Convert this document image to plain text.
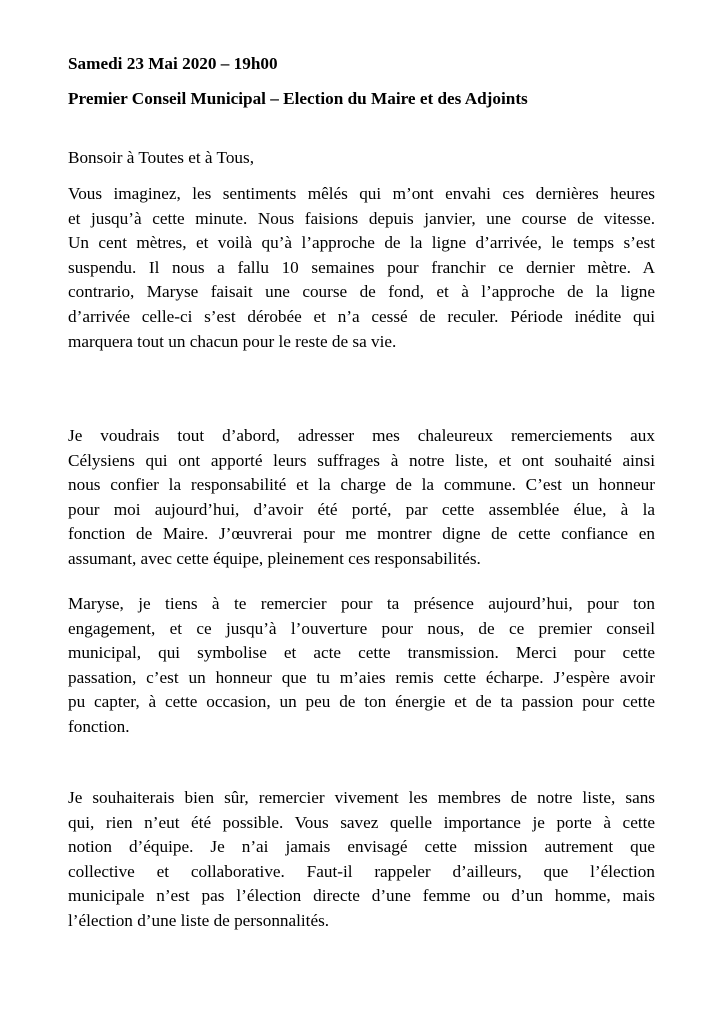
Samedi 23 Mai 2020 – 19h00
Premier Conseil Municipal – Election du Maire et des Adjoints

Bonsoir à Toutes et à Tous,

Vous imaginez, les sentiments mêlés qui m’ont envahi ces dernières heures
et jusqu’à cette minute. Nous faisions depuis janvier, une course de vitesse.
Un cent mètres, et voilà qu’à l’approche de la ligne d’arrivée, le temps s’est
suspendu. Il nous a fallu 10 semaines pour franchir ce dernier mètre. A
contrario, Maryse faisait une course de fond, et à l’approche de la ligne
d’arrivée celle-ci s’est dérobée et n’a cessé de reculer. Période inédite qui
marquera tout un chacun pour le reste de sa vie.
Je voudrais tout d’abord, adresser mes chaleureux remerciements aux
Célysiens qui ont apporté leurs suffrages à notre liste, et ont souhaité ainsi
nous confier la responsabilité et la charge de la commune. C’est un honneur
pour moi aujourd’hui, d’avoir été porté, par cette assemblée élue, à la
fonction de Maire. J’œuvrerai pour me montrer digne de cette confiance en
assumant, avec cette équipe, pleinement ces responsabilités.
Maryse, je tiens à te remercier pour ta présence aujourd’hui, pour ton
engagement, et ce jusqu’à l’ouverture pour nous, de ce premier conseil
municipal, qui symbolise et acte cette transmission. Merci pour cette
passation, c’est un honneur que tu m’aies remis cette écharpe. J’espère avoir
pu capter, à cette occasion, un peu de ton énergie et de ta passion pour cette
fonction.
Je souhaiterais bien sûr, remercier vivement les membres de notre liste, sans
qui, rien n’eut été possible. Vous savez quelle importance je porte à cette
notion d’équipe. Je n’ai jamais envisagé cette mission autrement que
collective et collaborative. Faut-il rappeler d’ailleurs, que l’élection
municipale n’est pas l’élection directe d’une femme ou d’un homme, mais
l’élection d’une liste de personnalités.
